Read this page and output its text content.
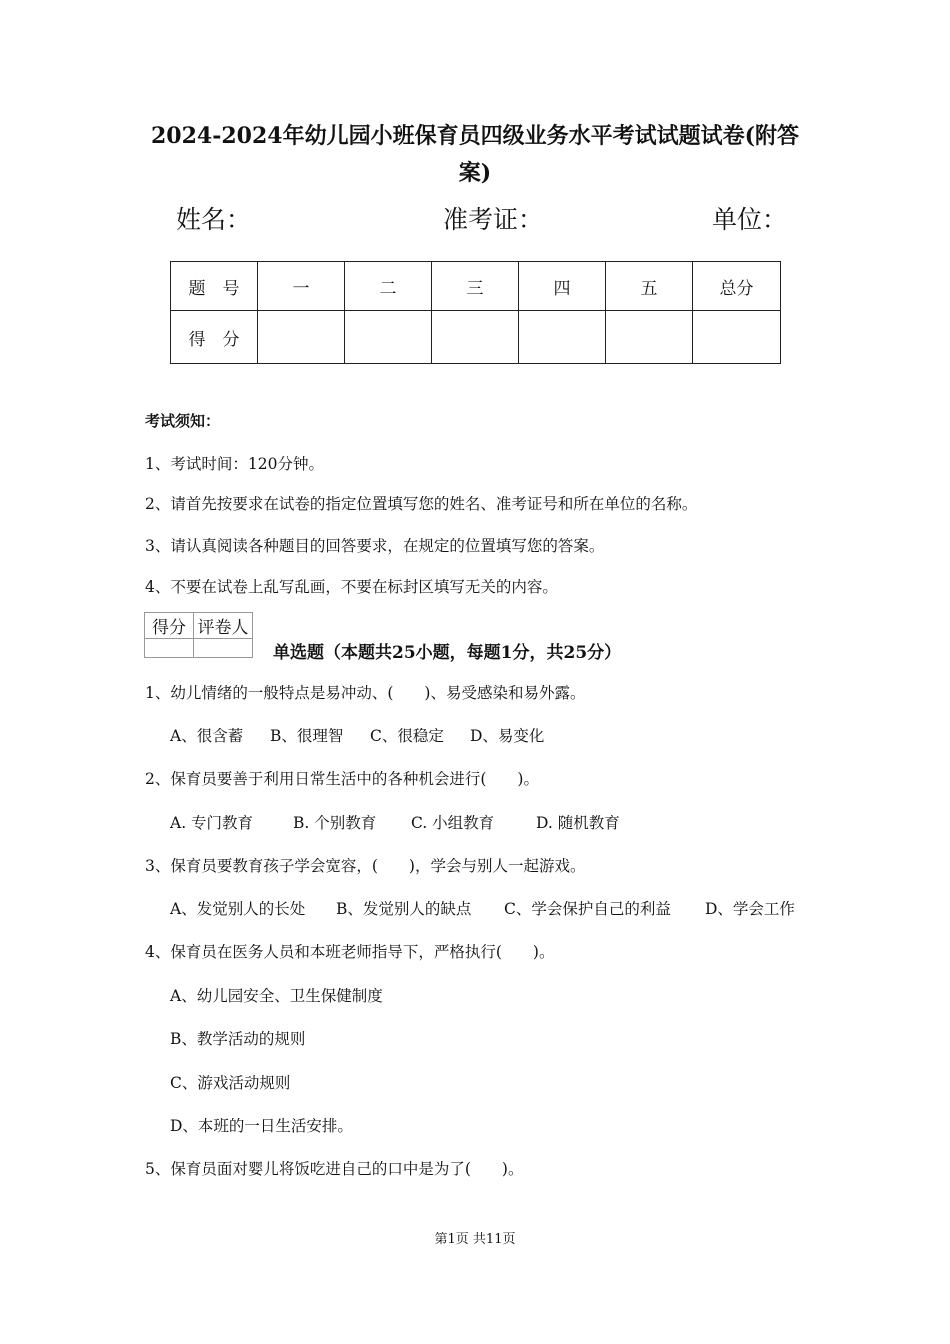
2024-2024年幼儿园小班保育员四级业务水平考试试题试卷(附答案)
姓名：	准考证：	单位：
题　号	一	二	三	四	五	总分
得　分						
考试须知：
1、考试时间：120分钟。
2、请首先按要求在试卷的指定位置填写您的姓名、准考证号和所在单位的名称。
3、请认真阅读各种题目的回答要求，在规定的位置填写您的答案。
4、不要在试卷上乱写乱画，不要在标封区填写无关的内容。
得分	评卷人

单选题（本题共25小题，每题1分，共25分）
1、幼儿情绪的一般特点是易冲动、(　　)、易受感染和易外露。
A、很含蓄 B、很理智 C、很稳定 D、易变化
2、保育员要善于利用日常生活中的各种机会进行(　　)。
A. 专门教育	B. 个别教育 C. 小组教育	D. 随机教育
3、保育员要教育孩子学会宽容，(　　)，学会与别人一起游戏。
A、发觉别人的长处 B、发觉别人的缺点 C、学会保护自己的利益 D、学会工作
4、保育员在医务人员和本班老师指导下，严格执行(　　)。
A、幼儿园安全、卫生保健制度
B、教学活动的规则
C、游戏活动规则
D、本班的一日生活安排。
5、保育员面对婴儿将饭吃进自己的口中是为了(　　)。
第1页 共11页
